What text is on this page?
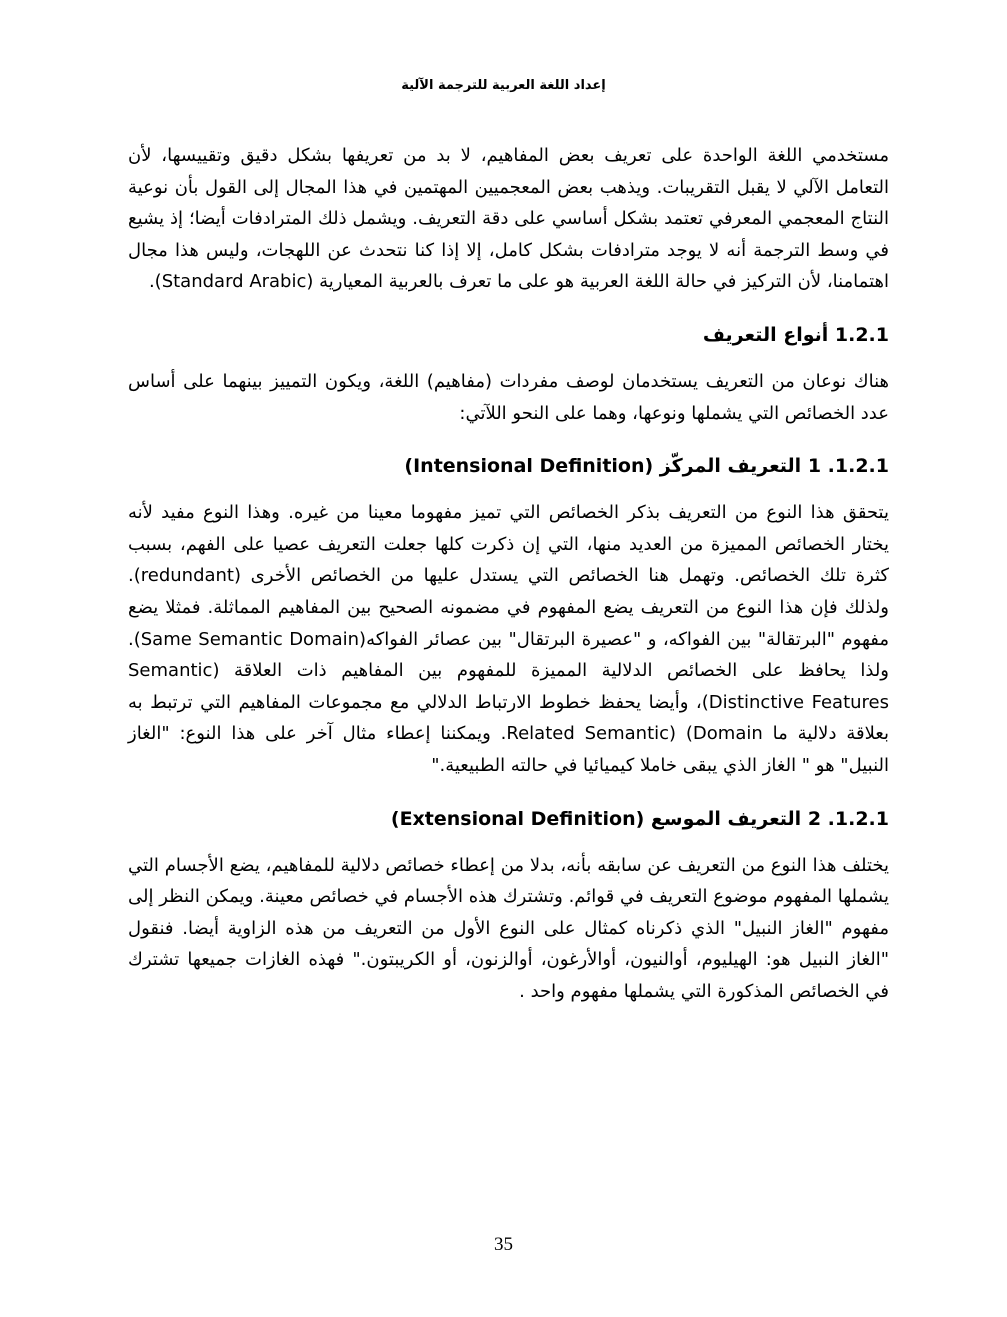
إعداد اللغة العربية للترجمة الآلية

مستخدمي اللغة الواحدة على تعريف بعض المفاهيم، لا بد من تعريفها بشكل دقيق وتقييسها، لأن التعامل الآلي لا يقبل التقريبات. ويذهب بعض المعجميين المهتمين في هذا المجال إلى القول بأن نوعية النتاج المعجمي المعرفي تعتمد بشكل أساسي على دقة التعريف. ويشمل ذلك المترادفات أيضا؛ إذ يشيع في وسط الترجمة أنه لا يوجد مترادفات بشكل كامل، إلا إذا كنا نتحدث عن اللهجات، وليس هذا مجال اهتمامنا، لأن التركيز في حالة اللغة العربية هو على ما تعرف بالعربية المعيارية (Standard Arabic).

1.2.1 أنواع التعريف

هناك نوعان من التعريف يستخدمان لوصف مفردات (مفاهيم) اللغة، ويكون التمييز بينهما على أساس عدد الخصائص التي يشملها ونوعها، وهما على النحو اللآتي:

1.2.1. 1 التعريف المركّز (Intensional Definition)

يتحقق هذا النوع من التعريف بذكر الخصائص التي تميز مفهوما معينا من غيره. وهذا النوع مفيد لأنه يختار الخصائص المميزة من العديد منها، التي إن ذكرت كلها جعلت التعريف عصيا على الفهم، بسبب كثرة تلك الخصائص. وتهمل هنا الخصائص التي يستدل عليها من الخصائص الأخرى (redundant). ولذلك فإن هذا النوع من التعريف يضع المفهوم في مضمونه الصحيح بين المفاهيم المماثلة. فمثلا يضع مفهوم "البرتقالة" بين الفواكه، و "عصيرة البرتقال" بين عصائر الفواكه(Same Semantic Domain). ولذا يحافظ على الخصائص الدلالية المميزة للمفهوم بين المفاهيم ذات العلاقة (Semantic Distinctive Features)، وأيضا يحفظ خطوط الارتباط الدلالي مع مجموعات المفاهيم التي ترتبط به بعلاقة دلالية ما Related Semantic) (Domain. ويمكننا إعطاء مثال آخر على هذا النوع: "الغاز النبيل" هو " الغاز الذي يبقى خاملا كيميائيا في حالته الطبيعية."

1.2.1. 2 التعريف الموسع (Extensional Definition)

يختلف هذا النوع من التعريف عن سابقه بأنه، بدلا من إعطاء خصائص دلالية للمفاهيم، يضع الأجسام التي يشملها المفهوم موضوع التعريف في قوائم. وتشترك هذه الأجسام في خصائص معينة. ويمكن النظر إلى مفهوم "الغاز النبيل" الذي ذكرناه كمثال على النوع الأول من التعريف من هذه الزاوية أيضا. فنقول "الغاز النبيل هو: الهيليوم، أوالنيون، أوالأرغون، أوالزنون، أو الكريبتون." فهذه الغازات جميعها تشترك في الخصائص المذكورة التي يشملها مفهوم واحد .

35
